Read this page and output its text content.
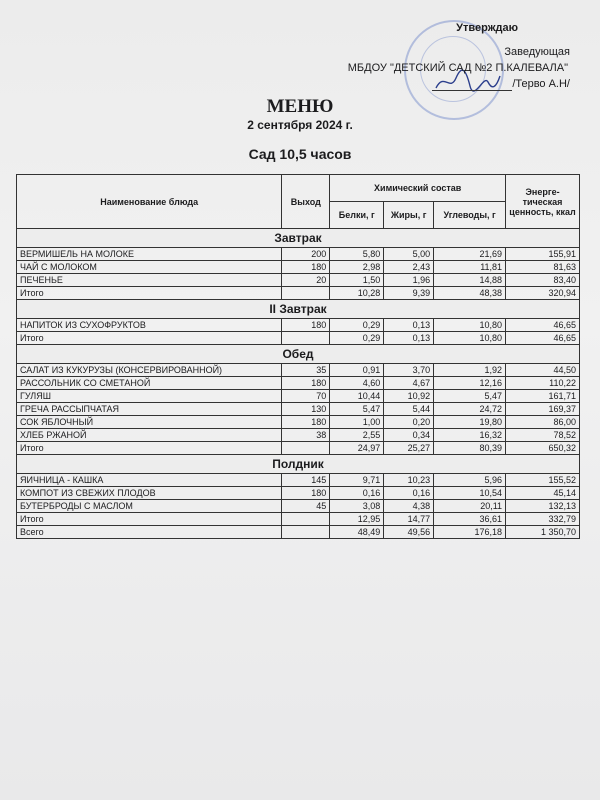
Утверждаю
Заведующая
МБДОУ "ДЕТСКИЙ САД №2 П.КАЛЕВАЛА"
/Терво А.Н/
МЕНЮ
2 сентября 2024 г.
Сад 10,5 часов
Наименование блюда	Выход	Химический состав			Энерге-тическая ценность, ккал
		Белки, г	Жиры, г	Углеводы, г	
Завтрак					
ВЕРМИШЕЛЬ НА МОЛОКЕ	200	5,80	5,00	21,69	155,91
ЧАЙ С МОЛОКОМ	180	2,98	2,43	11,81	81,63
ПЕЧЕНЬЕ	20	1,50	1,96	14,88	83,40
Итого		10,28	9,39	48,38	320,94
II Завтрак					
НАПИТОК ИЗ СУХОФРУКТОВ	180	0,29	0,13	10,80	46,65
Итого		0,29	0,13	10,80	46,65
Обед					
САЛАТ ИЗ КУКУРУЗЫ (КОНСЕРВИРОВАННОЙ)	35	0,91	3,70	1,92	44,50
РАССОЛЬНИК СО СМЕТАНОЙ	180	4,60	4,67	12,16	110,22
ГУЛЯШ	70	10,44	10,92	5,47	161,71
ГРЕЧА РАССЫПЧАТАЯ	130	5,47	5,44	24,72	169,37
СОК ЯБЛОЧНЫЙ	180	1,00	0,20	19,80	86,00
ХЛЕБ РЖАНОЙ	38	2,55	0,34	16,32	78,52
Итого		24,97	25,27	80,39	650,32
Полдник					
ЯИЧНИЦА - КАШКА	145	9,71	10,23	5,96	155,52
КОМПОТ ИЗ СВЕЖИХ ПЛОДОВ	180	0,16	0,16	10,54	45,14
БУТЕРБРОДЫ С МАСЛОМ	45	3,08	4,38	20,11	132,13
Итого		12,95	14,77	36,61	332,79
Всего		48,49	49,56	176,18	1 350,70
